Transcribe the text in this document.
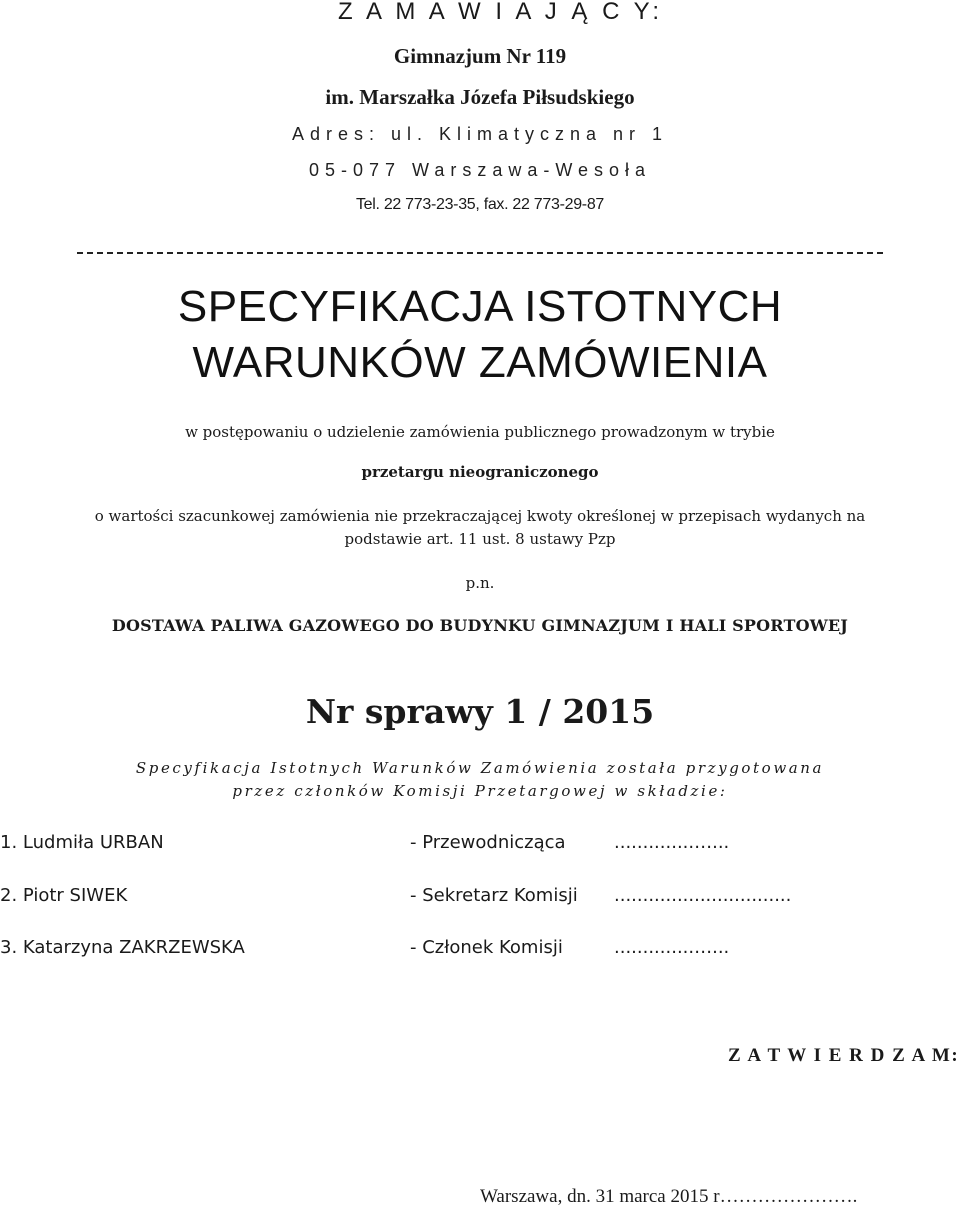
Z A M A W I A J Ą C Y:
Gimnazjum Nr 119
im. Marszałka Józefa Piłsudskiego
Adres: ul. Klimatyczna nr 1
05-077 Warszawa-Wesoła
Tel. 22 773-23-35, fax. 22 773-29-87
SPECYFIKACJA ISTOTNYCH
WARUNKÓW ZAMÓWIENIA
w postępowaniu o udzielenie zamówienia publicznego prowadzonym w trybie
przetargu nieograniczonego
o wartości szacunkowej zamówienia nie przekraczającej kwoty określonej w przepisach wydanych na
podstawie art. 11 ust. 8 ustawy Pzp
p.n.
DOSTAWA PALIWA GAZOWEGO DO BUDYNKU GIMNAZJUM I HALI SPORTOWEJ
Nr sprawy 1 / 2015
Specyfikacja Istotnych Warunków Zamówienia została przygotowana
przez członków Komisji Przetargowej w składzie:
1. Ludmiła URBAN	- Przewodnicząca	..............…...
2. Piotr SIWEK	- Sekretarz Komisji ...............................
3. Katarzyna ZAKRZEWSKA	- Członek Komisji	..............…...
Z A T W I E R D Z A M:
Warszawa, dn. 31 marca 2015 r………………….
